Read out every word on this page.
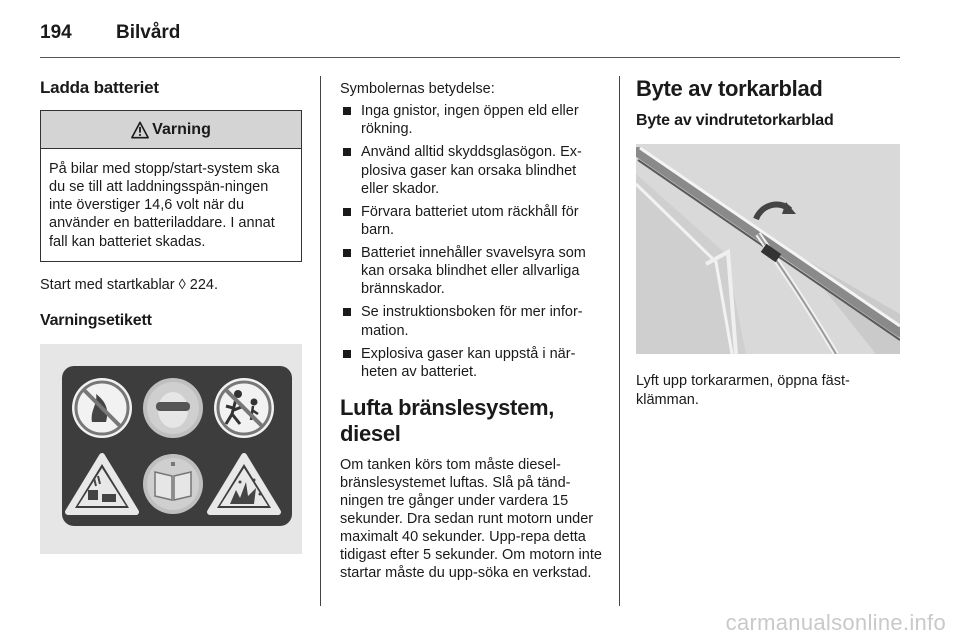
194 Bilvård
Ladda batteriet
Varning
På bilar med stopp/start-system ska du se till att laddningsspän-ningen inte överstiger 14,6 volt när du använder en batteriladdare. I annat fall kan batteriet skadas.

Start med startkablar ◊ 224.

Varningsetikett

Symbolernas betydelse:

Inga gnistor, ingen öppen eld eller rökning.
Använd alltid skyddsglasögon. Ex-plosiva gaser kan orsaka blindhet eller skador.
Förvara batteriet utom räckhåll för barn.
Batteriet innehåller svavelsyra som kan orsaka blindhet eller allvarliga brännskador.
Se instruktionsboken för mer infor-mation.
Explosiva gaser kan uppstå i när-heten av batteriet.
Lufta bränslesystem, diesel

Om tanken körs tom måste diesel-bränslesystemet luftas. Slå på tänd-ningen tre gånger under vardera 15 sekunder. Dra sedan runt motorn under maximalt 40 sekunder. Upp-repa detta tidigast efter 5 sekunder. Om motorn inte startar måste du upp-söka en verkstad.

Byte av torkarblad
Byte av vindrutetorkarblad

Lyft upp torkararmen, öppna fäst-klämman.

carmanualsonline.info
